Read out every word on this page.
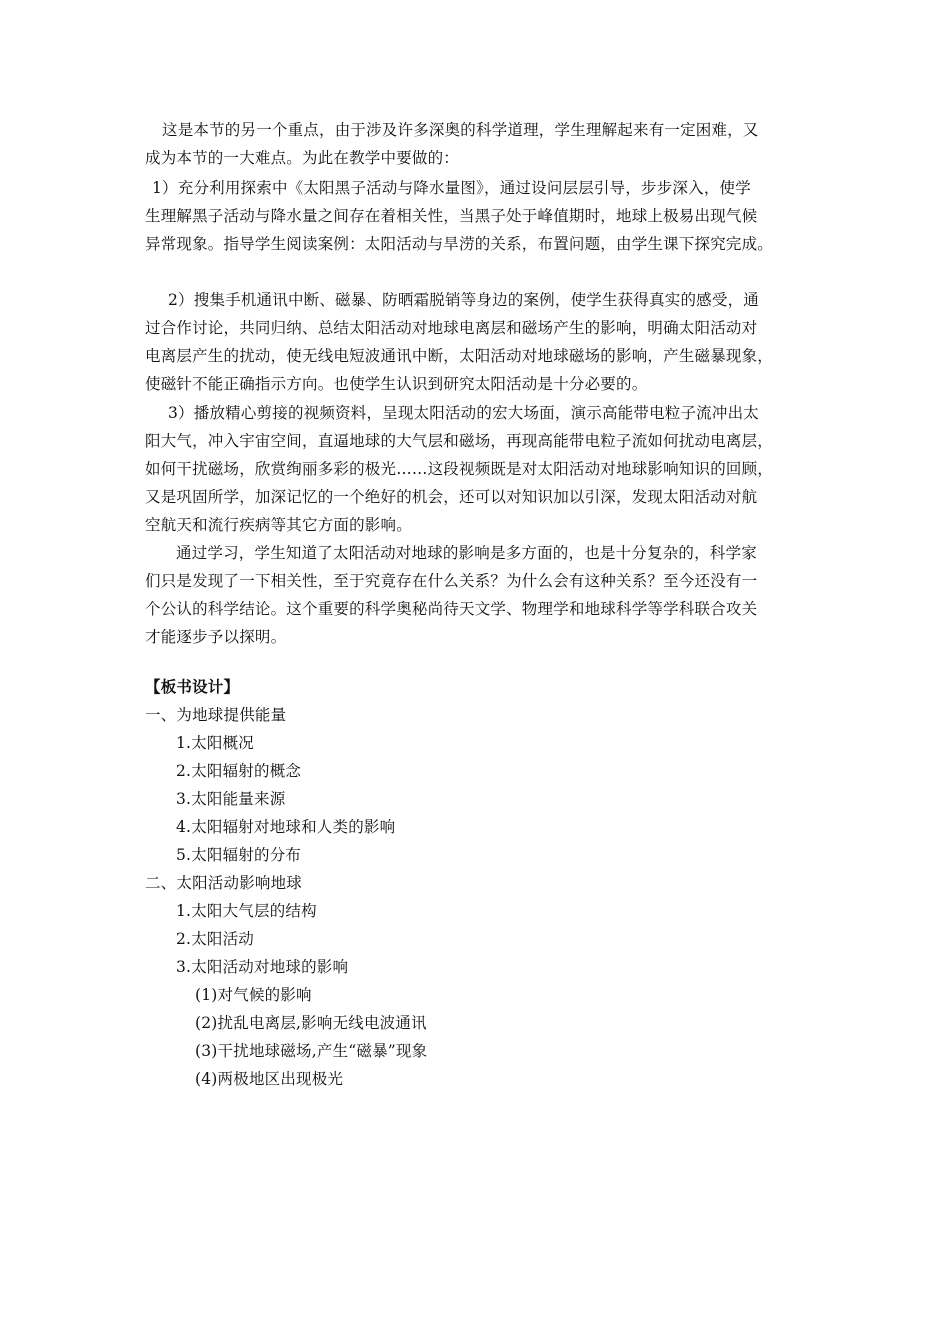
这是本节的另一个重点，由于涉及许多深奥的科学道理，学生理解起来有一定困难，又
成为本节的一大难点。为此在教学中要做的：
1）充分利用探索中《太阳黑子活动与降水量图》，通过设问层层引导，步步深入，使学
生理解黑子活动与降水量之间存在着相关性，当黑子处于峰值期时，地球上极易出现气候
异常现象。指导学生阅读案例：太阳活动与旱涝的关系，布置问题，由学生课下探究完成。
2）搜集手机通讯中断、磁暴、防晒霜脱销等身边的案例，使学生获得真实的感受，通
过合作讨论，共同归纳、总结太阳活动对地球电离层和磁场产生的影响，明确太阳活动对
电离层产生的扰动，使无线电短波通讯中断，太阳活动对地球磁场的影响，产生磁暴现象，
使磁针不能正确指示方向。也使学生认识到研究太阳活动是十分必要的。
3）播放精心剪接的视频资料，呈现太阳活动的宏大场面，演示高能带电粒子流冲出太
阳大气，冲入宇宙空间，直逼地球的大气层和磁场，再现高能带电粒子流如何扰动电离层，
如何干扰磁场，欣赏绚丽多彩的极光……这段视频既是对太阳活动对地球影响知识的回顾，
又是巩固所学，加深记忆的一个绝好的机会，还可以对知识加以引深，发现太阳活动对航
空航天和流行疾病等其它方面的影响。
通过学习，学生知道了太阳活动对地球的影响是多方面的，也是十分复杂的，科学家
们只是发现了一下相关性，至于究竟存在什么关系？为什么会有这种关系？至今还没有一
个公认的科学结论。这个重要的科学奥秘尚待天文学、物理学和地球科学等学科联合攻关
才能逐步予以探明。
【板书设计】
一、为地球提供能量
1.太阳概况
2.太阳辐射的概念
3.太阳能量来源
4.太阳辐射对地球和人类的影响
5.太阳辐射的分布
二、太阳活动影响地球
1.太阳大气层的结构
2.太阳活动
3.太阳活动对地球的影响
(1)对气候的影响
(2)扰乱电离层,影响无线电波通讯
(3)干扰地球磁场,产生“磁暴”现象
(4)两极地区出现极光
